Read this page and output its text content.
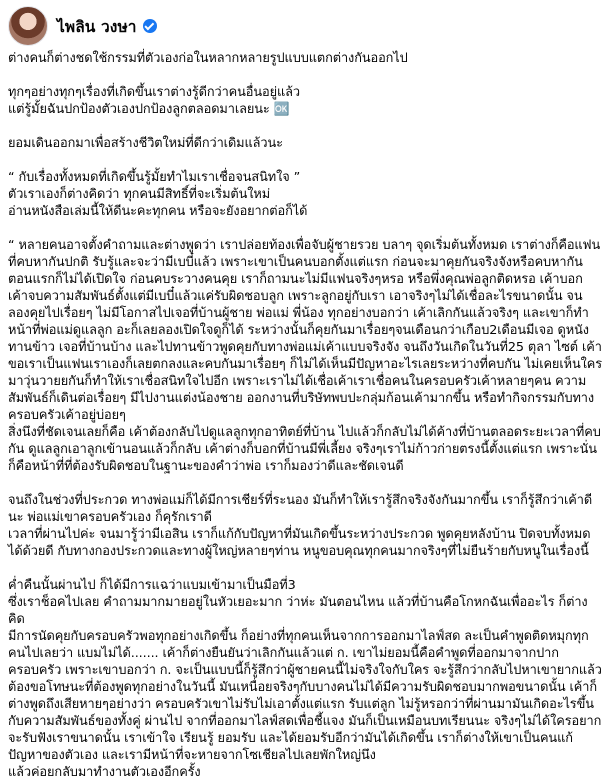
ไพลิน วงษา

ต่างคนก็ต่างชดใช้กรรมที่ตัวเองก่อในหลากหลายรูปแบบแตกต่างกันออกไป

ทุกๆอย่างทุกๆเรื่องที่เกิดขึ้นเราต่างรู้ดีกว่าคนอื่นอยู่แล้ว
แต่รู้มั้ยฉันปกป้องตัวเองปกป้องลูกตลอดมาเลยนะ 🆗

ยอมเดินออกมาเพื่อสร้างชีวิตใหม่ที่ดีกว่าเดิมแล้วนะ

“ กับเรื่องทั้งหมดที่เกิดขึ้นรู้มั้ยทำไมเราเชื่อจนสนิทใจ ”
ตัวเราเองก็ต่างคิดว่า ทุกคนมีสิทธิ์ที่จะเริ่มต้นใหม่
อ่านหนังสือเล่มนี้ให้ดีนะคะทุกคน หรือจะยังอยากต่อก็ได้

“ หลายคนอาจตั้งคำถามและต่างพูดว่า เราปล่อยท้องเพื่อจับผู้ชายรวย บลาๆ จุดเริ่มต้นทั้งหมด เราต่างก็คือแฟนที่คบหากันปกติ รับรู้และจะว่ามีเบบี๋แล้ว เพราะเขาเป็นคนบอกตั้งแต่แรก ก่อนจะมาคุยกันจริงจังหรือคบหากัน ตอนแรกก็ไม่ได้เปิดใจ ก่อนคบระวางคนคุย เราก็ถามนะไม่มีแฟนจริงๆหรอ หรือพึ่งคุณพ่อลูกติดหรอ เค้าบอกเค้าจบความสัมพันธ์ตั้งแต่มีเบบี๋แล้วแค่รับผิดชอบลูก เพราะลูกอยู่กับเรา เอาจริงๆไม่ได้เชื่อละไรขนาดนั้น จนลองคุยไปเรื่อยๆ ไม่มีโอกาสไปเจอที่บ้านผู้ชาย พ่อแม่ พี่น้อง ทุกอย่างบอกว่า เค้าเลิกกันแล้วจริงๆ และเขาก็ทำหน้าที่พ่อแม่ดูแลลูก อะก็เลยลองเปิดใจดูก็ได้ ระหว่างนั้นก็คุยกันมาเรื่อยๆจนเดือนกว่าเกือบ2เดือนมีเจอ ดูหนังทานข้าว เจอที่บ้านบ้าง และไปทานข้าวพูดคุยกับทางพ่อแม่เค้าแบบจริงจัง จนถึงวันเกิดในวันที่25 ตุลา ไซต์ เค้าขอเราเป็นแฟนเราเองก็เลยตกลงและคบกันมาเรื่อยๆ ก็ไม่ได้เห็นมีปัญหาอะไรเลยระหว่างที่คบกัน ไม่เคยเห็นใครมาวุ่นวายยกันก็ทำให้เราเชื่อสนิทใจไปอีก เพราะเราไม่ได้เชื่อเค้าเราเชื่อคนในครอบครัวเค้าหลายๆคน ความสัมพันธ์ก็เดินต่อเรื่อยๆ มีไปงานแต่งน้องชาย ออกงานที่บริษัทพบปะกลุ่มก้อนเค้ามากขึ้น หรือทำกิจกรรมกับทางครอบครัวเค้าอยู่บ่อยๆ
สิ่งนึงที่ชัดเจนเลยก็คือ เค้าต้องกลับไปดูแลลูกทุกอาทิตย์ที่บ้าน ไปแล้วก็กลับไม่ได้ค้างที่บ้านตลอดระยะเวลาที่คบกัน ดูแลลูกเอาลูกเข้านอนแล้วก็กลับ เค้าต่างก็บอกที่บ้านมีพี่เลี้ยง จริงๆเราไม่ก้าวก่ายตรงนี้ตั้งแต่แรก เพราะนั่นก็คือหน้าที่ที่ต้องรับผิดชอบในฐานะของคำว่าพ่อ เราก็มองว่าดีและชัดเจนดี

จนถึงในช่วงที่ประกวด ทางพ่อแม่ก็ได้มีการเชียร์ที่ระนอง มันก็ทำให้เรารู้สึกจริงจังกันมากขึ้น เราก็รู้สึกว่าเค้าดีนะ พ่อแม่เขาครอบครัวเอง ก็คุรักเราดี
เวลาที่ผ่านไปค่ะ จนมารู้ว่ามีเอสิน เราก็แก้กับปัญหาที่มันเกิดขึ้นระหว่างประกวด พูดคุยหลังบ้าน ปิดจบทั้งหมดได้ด้วยดี กับทางกองประกวดและทางผู้ใหญ่หลายๆท่าน หนูขอบคุณทุกคนมากจริงๆที่ไม่ยืนร้ายกับหนูในเรื่องนี้

ค่ำคืนนั้นผ่านไป ก็ได้มีการแฉว่าแบมเข้ามาเป็นมือที่3
ซึ่งเราช็อคไปเลย คำถามมากมายอยู่ในหัวเยอะมาก ว่าห่ะ มันตอนไหน แล้วที่บ้านคือโกหกฉันเพื่ออะไร ก็ต่างคิด
มีการนัดคุยกับครอบครัวพอทุกอย่างเกิดขึ้น ก็อย่างที่ทุกคนเห็นจากการออกมาไลฟ์สด ละเป็นคำพูดติดหมุกทุกคนไปเลยว่า แบมไม่ได้....... เค้าก็ต่างยืนยันว่าเลิกกันแล้วแต่ ก. เขาไม่ยอมนี้คือคำพูดที่ออกมาจากปากครอบครัว เพราะเขาบอกว่า ก. จะเป็นแบบนี้ก็รู้สึกว่าผู้ชายคนนี้ไม่จริงใจกับใคร จะรู้สึกว่ากลับไปหาเขายากแล้ว ต้องขอโทษนะที่ต้องพูดทุกอย่างในวันนี้ มันเหนื่อยจริงๆกับบางคนไม่ได้มีความรับผิดชอบมากพอขนาดนั้น เค้าก็ต่างพูดถึงเสียหายๆอย่างว่า ครอบครัวเขาไม่รับไม่เอาตั้งแต่แรก รับแต่ลูก ไม่รู้หรอกว่าที่ผ่านมามันเกิดอะไรขึ้นกับความสัมพันธ์ของทั้งคู่ ผ่านไป จากที่ออกมาไลฟ์สดเพื่อชี้แจง มันก็เป็นเหมือนบทเรียนนะ จริงๆไม่ได้ใครอยากจะรับฟังเราขนาดนั้น เราเข้าใจ เรียนรู้ ยอมรับ และได้ยอมรับอีกว่ามันได้เกิดขึ้น เราก็ต่างให้เขาเป็นคนแก้ปัญหาของตัวเอง และเรามีหน้าที่จะหายจากโซเชียลไปเลยพักใหญ่นึง
แล้วค่อยกลับมาทำงานตัวเองอีกครั้ง
